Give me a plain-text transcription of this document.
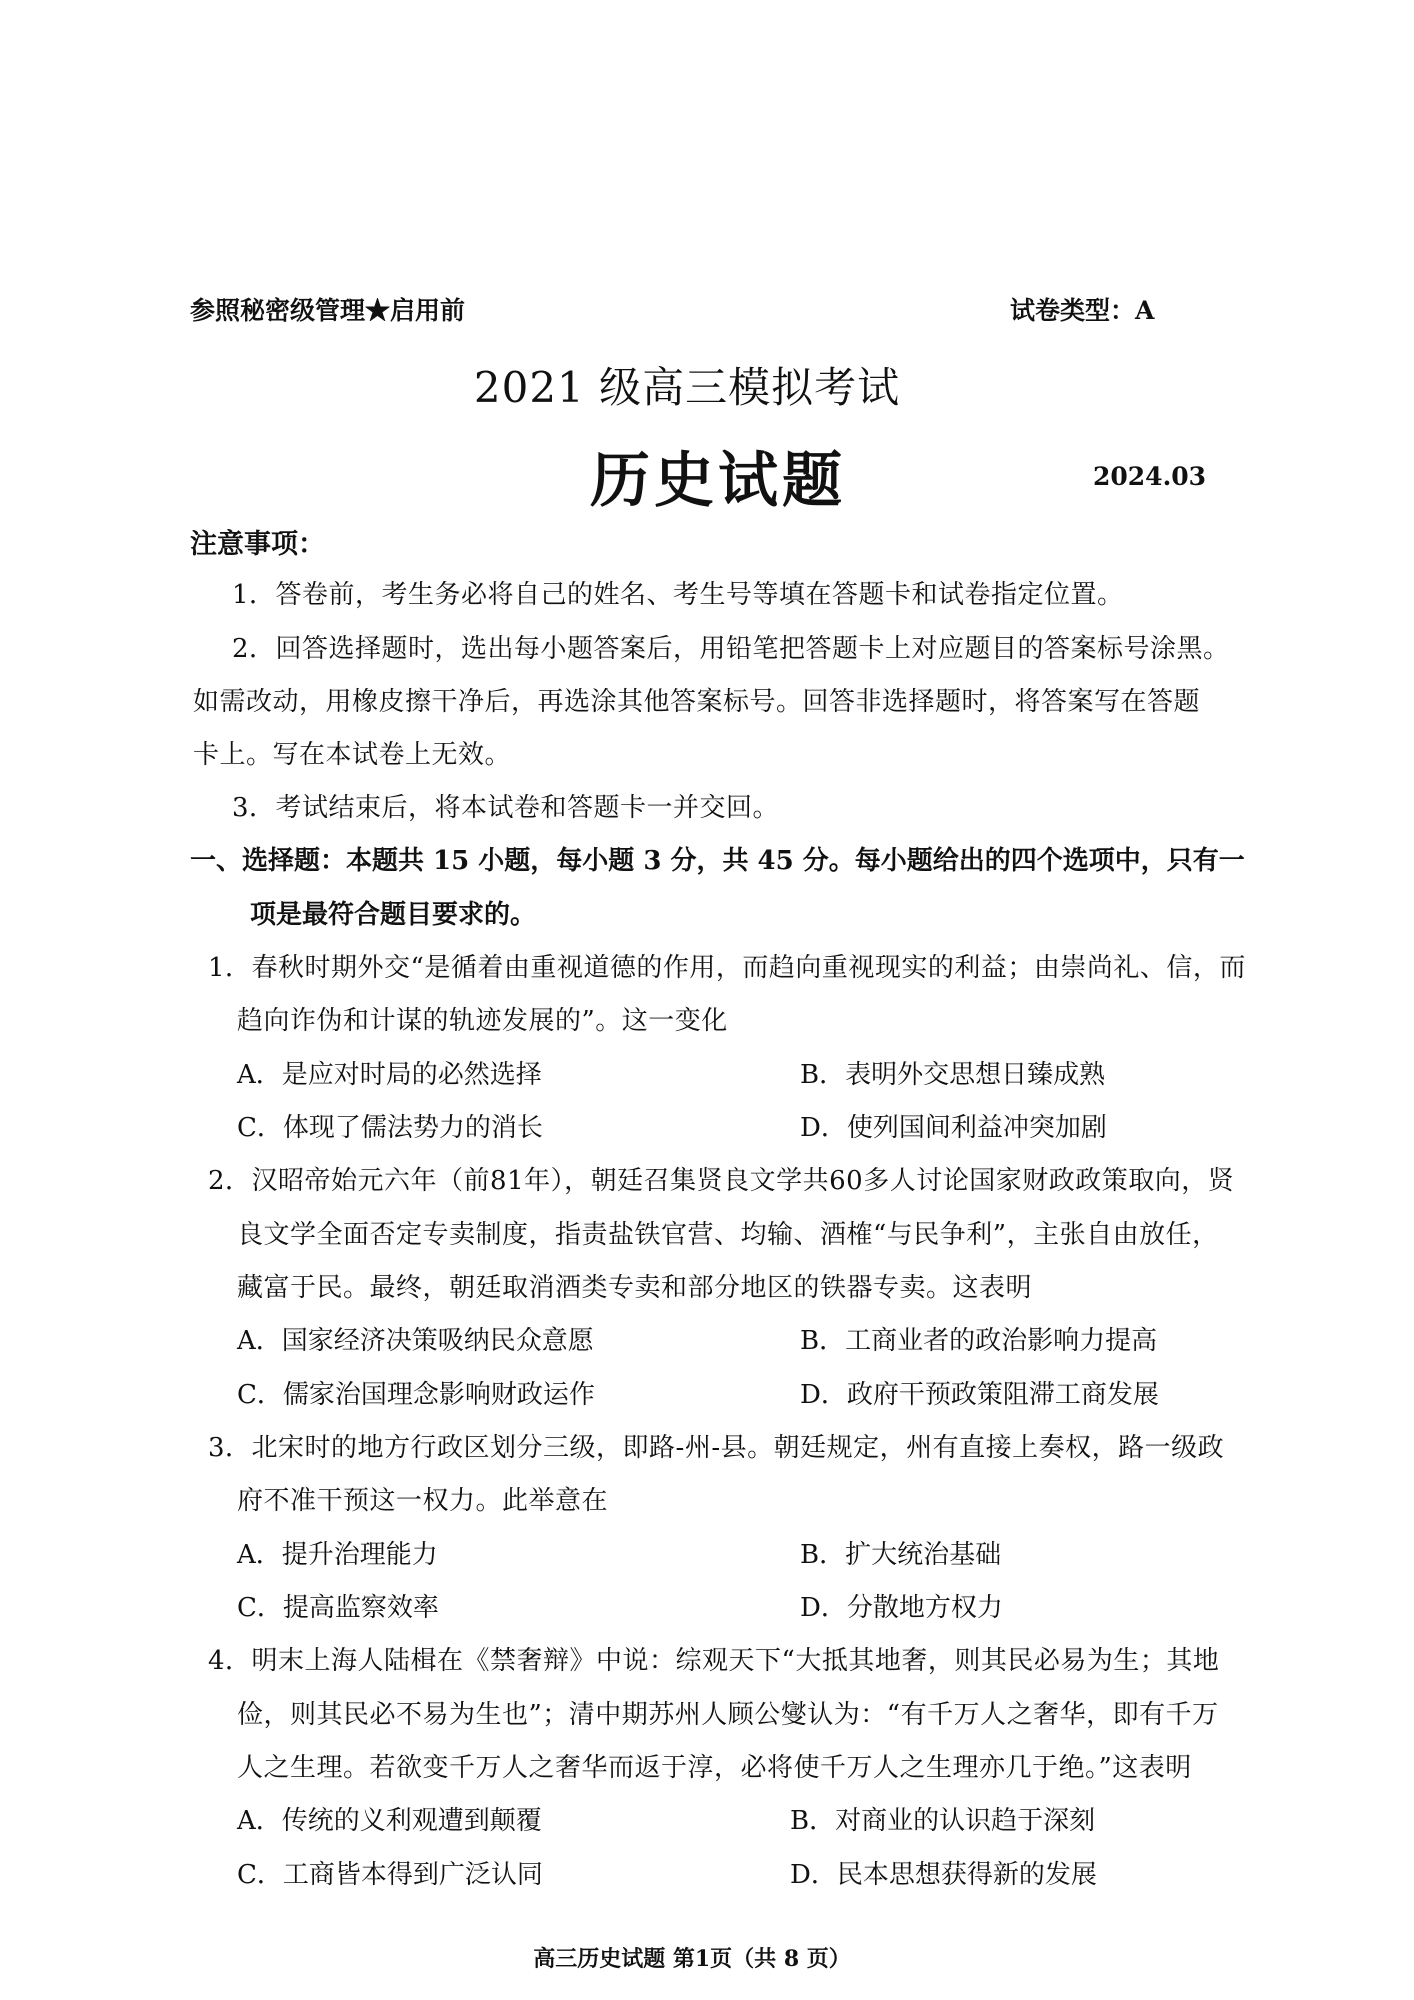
参照秘密级管理★启用前	试卷类型：A
2021 级高三模拟考试
历史试题	2024.03
注意事项：
1．答卷前，考生务必将自己的姓名、考生号等填在答题卡和试卷指定位置。
2．回答选择题时，选出每小题答案后，用铅笔把答题卡上对应题目的答案标号涂黑。
如需改动，用橡皮擦干净后，再选涂其他答案标号。回答非选择题时，将答案写在答题
卡上。写在本试卷上无效。
3．考试结束后，将本试卷和答题卡一并交回。
一、选择题：本题共 15 小题，每小题 3 分，共 45 分。每小题给出的四个选项中，只有一
项是最符合题目要求的。
1．春秋时期外交“是循着由重视道德的作用，而趋向重视现实的利益；由崇尚礼、信，而
趋向诈伪和计谋的轨迹发展的”。这一变化
A．是应对时局的必然选择	B．表明外交思想日臻成熟
C．体现了儒法势力的消长	D．使列国间利益冲突加剧
2．汉昭帝始元六年（前81年），朝廷召集贤良文学共60多人讨论国家财政政策取向，贤
良文学全面否定专卖制度，指责盐铁官营、均输、酒榷“与民争利”，主张自由放任，
藏富于民。最终，朝廷取消酒类专卖和部分地区的铁器专卖。这表明
A．国家经济决策吸纳民众意愿	B．工商业者的政治影响力提高
C．儒家治国理念影响财政运作	D．政府干预政策阻滞工商发展
3．北宋时的地方行政区划分三级，即路-州-县。朝廷规定，州有直接上奏权，路一级政
府不准干预这一权力。此举意在
A．提升治理能力	B．扩大统治基础
C．提高监察效率	D．分散地方权力
4．明末上海人陆楫在《禁奢辩》中说：综观天下“大抵其地奢，则其民必易为生；其地
俭，则其民必不易为生也”；清中期苏州人顾公燮认为：“有千万人之奢华，即有千万
人之生理。若欲变千万人之奢华而返于淳，必将使千万人之生理亦几于绝。”这表明
A．传统的义利观遭到颠覆	B．对商业的认识趋于深刻
C．工商皆本得到广泛认同	D．民本思想获得新的发展
高三历史试题 第1页（共 8 页）
